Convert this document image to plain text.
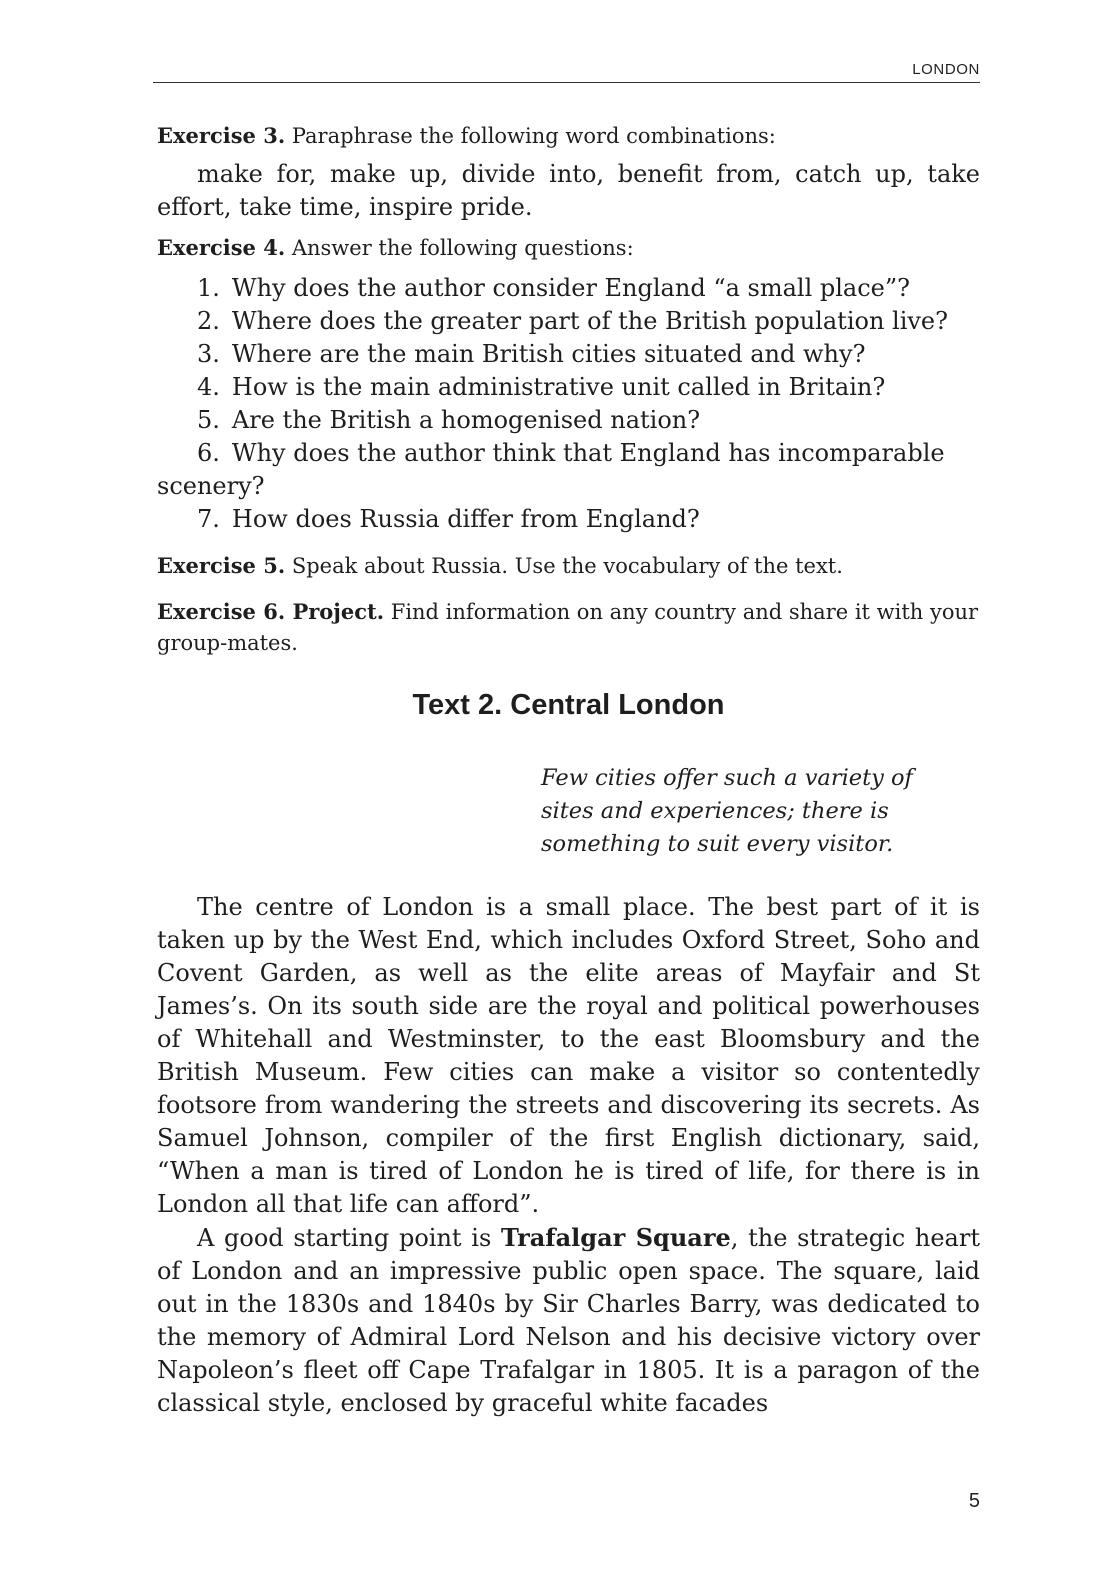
LONDON

Exercise 3. Paraphrase the following word combinations:

make for, make up, divide into, benefit from, catch up, take effort, take time, inspire pride.

Exercise 4. Answer the following questions:

1. Why does the author consider England “a small place”?
2. Where does the greater part of the British population live?
3. Where are the main British cities situated and why?
4. How is the main administrative unit called in Britain?
5. Are the British a homogenised nation?
6. Why does the author think that England has incomparable scenery?
7. How does Russia differ from England?

Exercise 5. Speak about Russia. Use the vocabulary of the text.

Exercise 6. Project. Find information on any country and share it with your group-mates.

Text 2. Central London

Few cities offer such a variety of sites and experiences; there is something to suit every visitor.

The centre of London is a small place. The best part of it is taken up by the West End, which includes Oxford Street, Soho and Covent Garden, as well as the elite areas of Mayfair and St James’s. On its south side are the royal and political powerhouses of Whitehall and Westminster, to the east Bloomsbury and the British Museum. Few cities can make a visitor so contentedly footsore from wandering the streets and discovering its secrets. As Samuel Johnson, compiler of the first English dictionary, said, “When a man is tired of London he is tired of life, for there is in London all that life can afford”.

A good starting point is Trafalgar Square, the strategic heart of London and an impressive public open space. The square, laid out in the 1830s and 1840s by Sir Charles Barry, was dedicated to the memory of Admiral Lord Nelson and his decisive victory over Napoleon’s fleet off Cape Trafalgar in 1805. It is a paragon of the classical style, enclosed by graceful white facades

5
